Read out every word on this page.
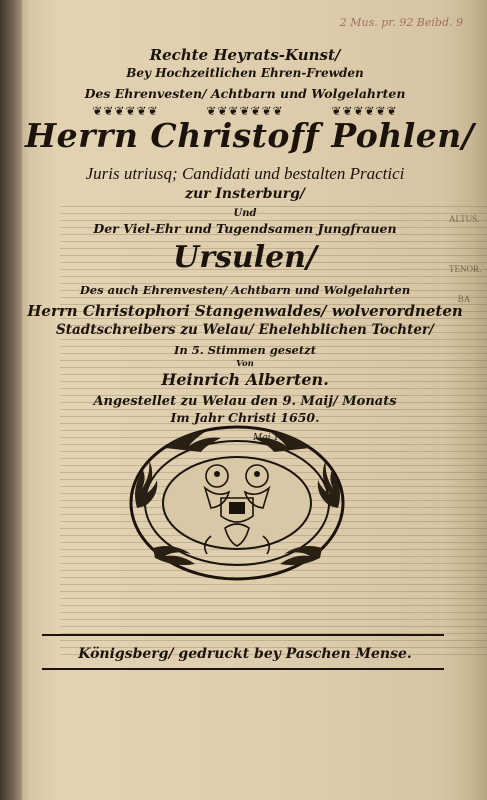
2 Mus. pr. 92 Beibd. 9
ALTUS.
TENOR.
BA
Rechte Heyrats-Kunst/
Bey Hochzeitlichen Ehren-Frewden
Des Ehrenvesten/ Achtbarn und Wolgelahrten
❦❦❦❦❦❦	❦❦❦❦❦❦❦	❦❦❦❦❦❦
Herrn Christoff Pohlen/
Juris utriusq; Candidati und bestalten Practici
zur Insterburg/
Und
Der Viel-Ehr und Tugendsamen Jungfrauen
Ursulen/
Des auch Ehrenvesten/ Achtbarn und Wolgelahrten
Herrn Christophori Stangenwaldes/ wolverordneten
Stadtschreibers zu Welau/ Ehelehblichen Tochter/
In 5. Stimmen gesetzt
Von
Heinrich Alberten.
Angestellet zu Welau den 9. Maij/ Monats
Im Jahr Christi 1650.
Mai 16
Königsberg/ gedruckt bey Paschen Mense.
